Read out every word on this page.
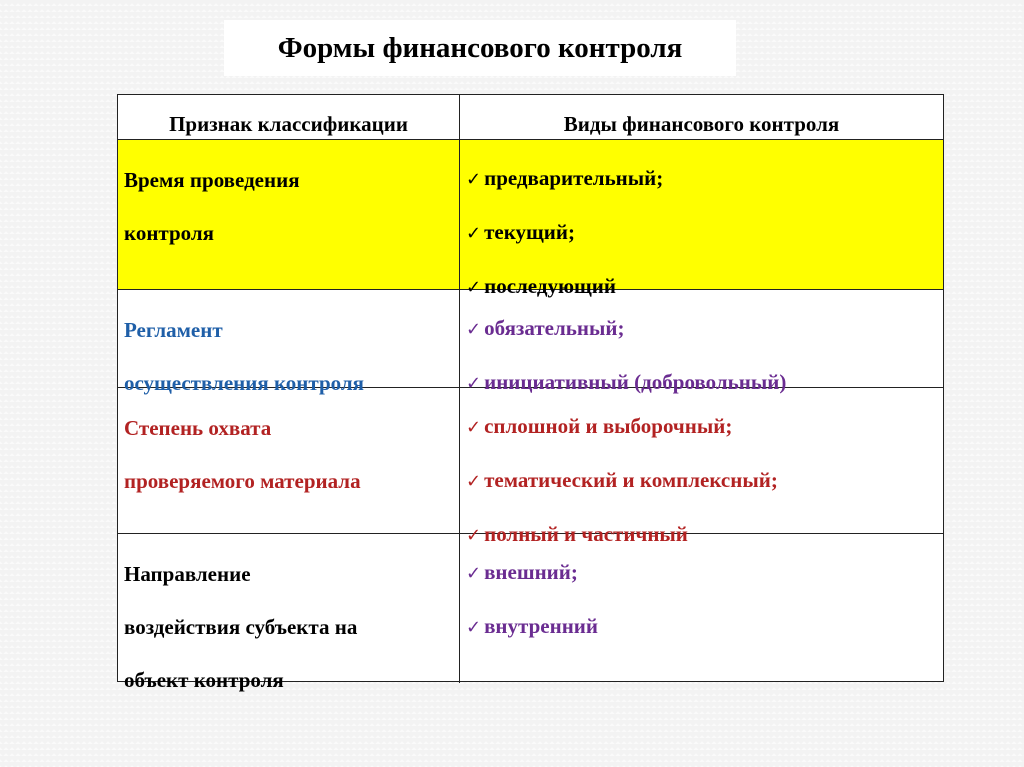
Формы финансового контроля
Признак классификации	Виды финансового контроля
Время проведения
контроля
✓ предварительный;
✓ текущий;
✓ последующий
Регламент
осуществления контроля
✓ обязательный;
✓ инициативный (добровольный)
Степень охвата
проверяемого материала
✓ сплошной и выборочный;
✓ тематический и комплексный;
✓ полный и частичный
Направление
воздействия субъекта на
объект контроля
✓ внешний;
✓ внутренний
